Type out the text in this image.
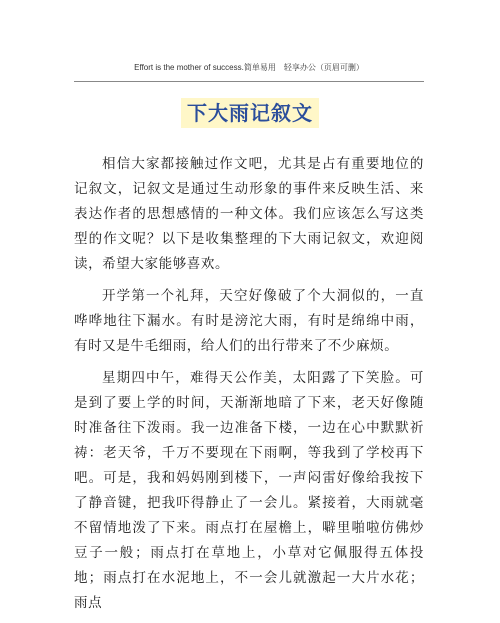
Effort is the mother of success.简单易用　轻享办公（页眉可删）
下大雨记叙文

相信大家都接触过作文吧，尤其是占有重要地位的记叙文，记叙文是通过生动形象的事件来反映生活、来表达作者的思想感情的一种文体。我们应该怎么写这类型的作文呢？以下是收集整理的下大雨记叙文，欢迎阅读，希望大家能够喜欢。

开学第一个礼拜，天空好像破了个大洞似的，一直哗哗地往下漏水。有时是滂沱大雨，有时是绵绵中雨，有时又是牛毛细雨，给人们的出行带来了不少麻烦。

星期四中午，难得天公作美，太阳露了下笑脸。可是到了要上学的时间，天渐渐地暗了下来，老天好像随时准备往下泼雨。我一边准备下楼，一边在心中默默祈祷：老天爷，千万不要现在下雨啊，等我到了学校再下吧。可是，我和妈妈刚到楼下，一声闷雷好像给我按下了静音键，把我吓得静止了一会儿。紧接着，大雨就毫不留情地泼了下来。雨点打在屋檐上，噼里啪啦仿佛炒豆子一般；雨点打在草地上，小草对它佩服得五体投地；雨点打在水泥地上，不一会儿就激起一大片水花；雨点
